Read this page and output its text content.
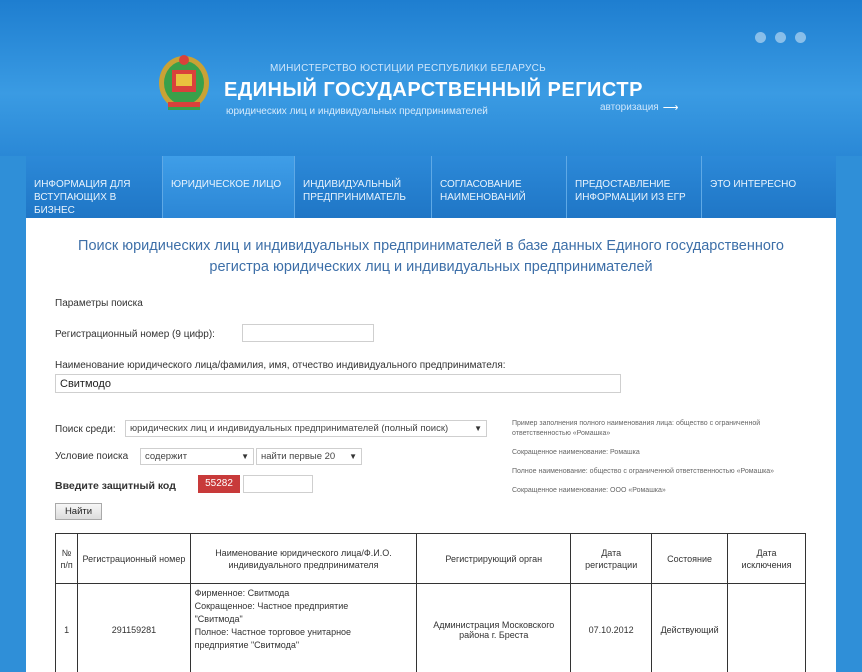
МИНИСТЕРСТВО ЮСТИЦИИ РЕСПУБЛИКИ БЕЛАРУСЬ
ЕДИНЫЙ ГОСУДАРСТВЕННЫЙ РЕГИСТР
юридических лиц и индивидуальных предпринимателей	авторизация ⟶
ИНФОРМАЦИЯ ДЛЯ ВСТУПАЮЩИХ В БИЗНЕС
ЮРИДИЧЕСКОЕ ЛИЦО	ИНДИВИДУАЛЬНЫЙ ПРЕДПРИНИМАТЕЛЬ
СОГЛАСОВАНИЕ НАИМЕНОВАНИЙ
ПРЕДОСТАВЛЕНИЕ ИНФОРМАЦИИ ИЗ ЕГР
ЭТО ИНТЕРЕСНО
Поиск юридических лиц и индивидуальных предпринимателей в базе данных Единого государственного регистра юридических лиц и индивидуальных предпринимателей
Параметры поиска
Регистрационный номер (9 цифр):
Наименование юридического лица/фамилия, имя, отчество индивидуального предпринимателя:
Свитмодо
Поиск среди:	юридических лиц и индивидуальных предпринимателей (полный поиск)	▼
Условие поиска	содержит	▼	найти первые 20 ▼
Введите защитный код	55282
Найти
Пример заполнения полного наименования лица: общество с ограниченной ответственностью «Ромашка»
Сокращенное наименование: Ромашка
Полное наименование: общество с ограниченной ответственностью «Ромашка»
Сокращенное наименование: ООО «Ромашка»
№ п/п	Регистрационный номер	Наименование юридического лица/Ф.И.О. индивидуального предпринимателя	Регистрирующий орган	Дата регистрации	Состояние	Дата исключения
1	291159281	Фирменное: Свитмода
Сокращенное: Частное предприятие
"Свитмода"
Полное: Частное торговое унитарное
предприятие "Свитмода"	Администрация Московского района г. Бреста	07.10.2012	Действующий	
